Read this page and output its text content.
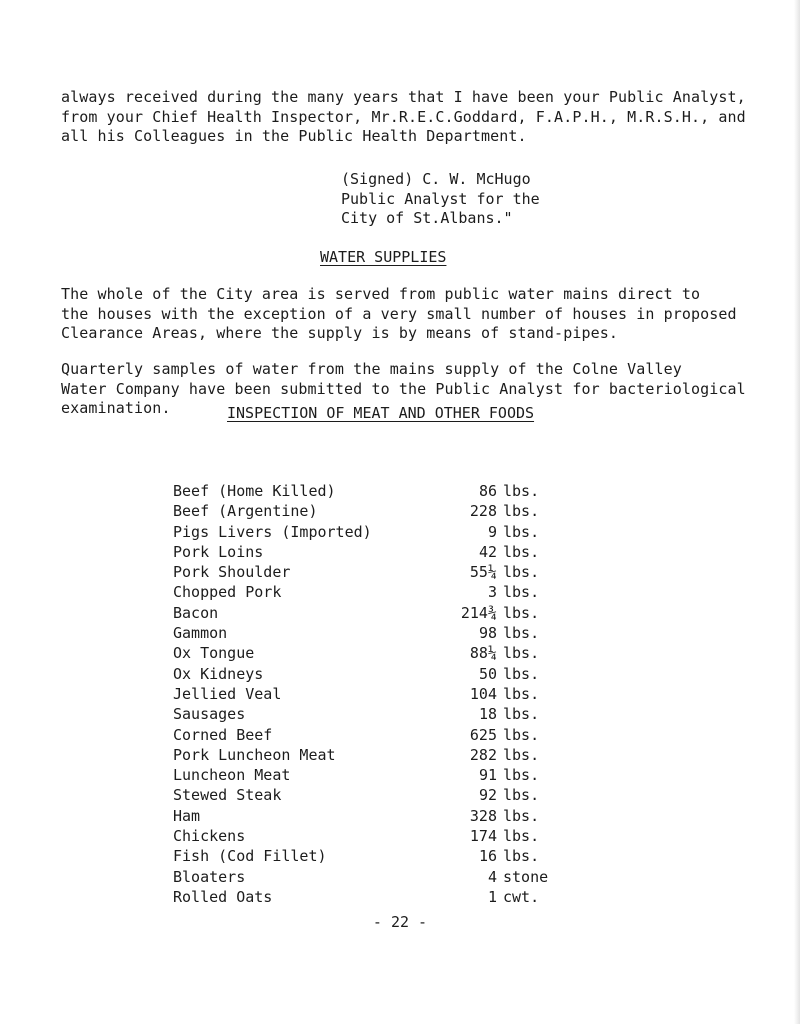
always received during the many years that I have been your Public Analyst,
from your Chief Health Inspector, Mr.R.E.C.Goddard, F.A.P.H., M.R.S.H., and
all his Colleagues in the Public Health Department.
(Signed) C. W. McHugo
Public Analyst for the
City of St.Albans."
WATER SUPPLIES
The whole of the City area is served from public water mains direct to
the houses with the exception of a very small number of houses in proposed
Clearance Areas, where the supply is by means of stand-pipes.
Quarterly samples of water from the mains supply of the Colne Valley
Water Company have been submitted to the Public Analyst for bacteriological
examination.	INSPECTION OF MEAT AND OTHER FOODS
Beef (Home Killed)	86 lbs.
Beef (Argentine)	228 lbs.
Pigs Livers (Imported)	9 lbs.
Pork Loins	42 lbs.
Pork Shoulder	55¼ lbs.
Chopped Pork	3 lbs.
Bacon	214¾ lbs.
Gammon	98 lbs.
Ox Tongue	88¼ lbs.
Ox Kidneys	50 lbs.
Jellied Veal	104 lbs.
Sausages	18 lbs.
Corned Beef	625 lbs.
Pork Luncheon Meat	282 lbs.
Luncheon Meat	91 lbs.
Stewed Steak	92 lbs.
Ham	328 lbs.
Chickens	174 lbs.
Fish (Cod Fillet)	16 lbs.
Bloaters	4 stone
Rolled Oats	1 cwt.
- 22 -
